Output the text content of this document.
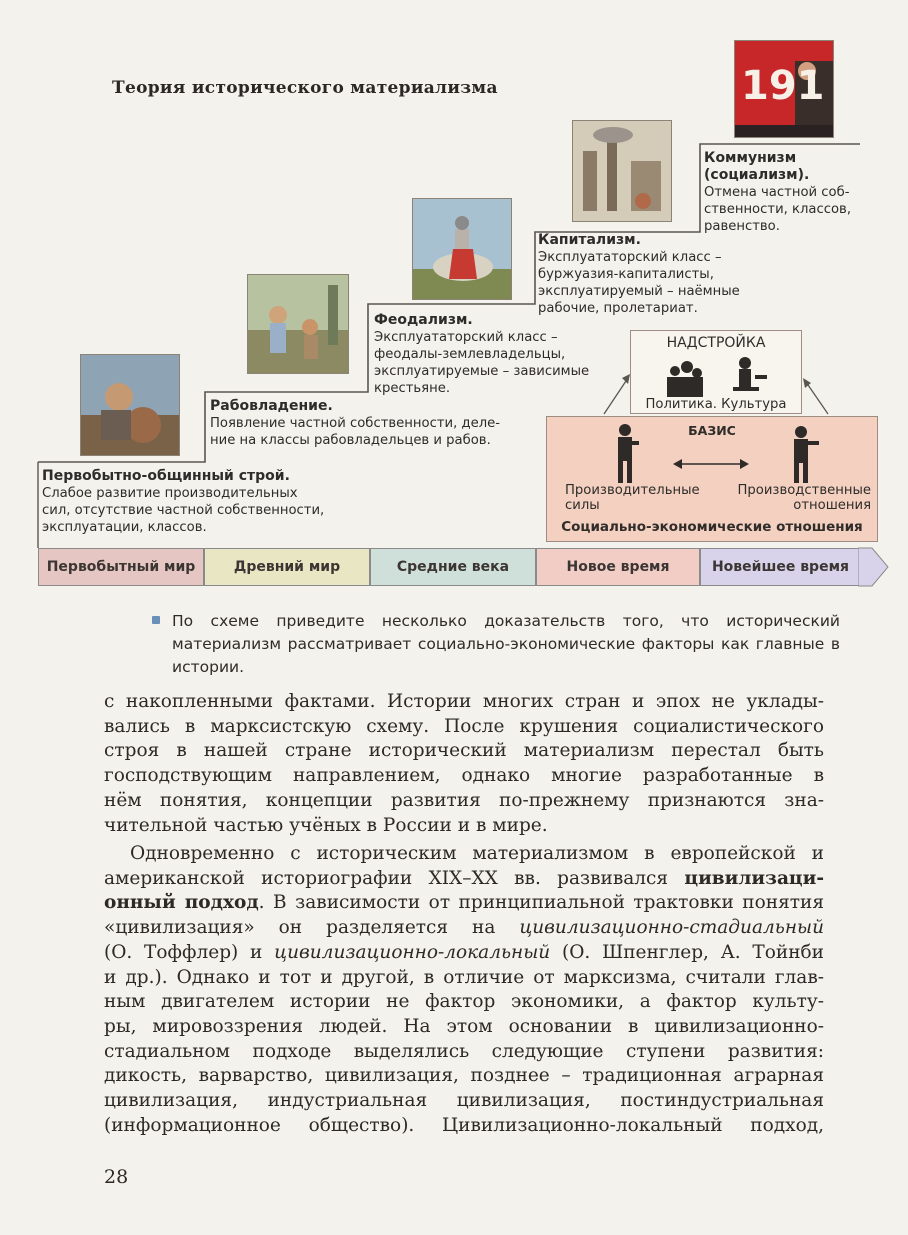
Теория исторического материализма	191
Первобытно-общинный строй.
Слабое развитие производительных
сил, отсутствие частной собственности,
эксплуатации, классов.
Рабовладение.
Появление частной собственности, деле-
ние на классы рабовладельцев и рабов.
Феодализм.
Эксплуататорский класс –
феодалы-землевладельцы,
эксплуатируемые – зависимые
крестьяне.
Капитализм.
Эксплуататорский класс –
буржуазия-капиталисты,
эксплуатируемый – наёмные
рабочие, пролетариат.
Коммунизм
(социализм).
Отмена частной соб-
ственности, классов,
равенство.
НАДСТРОЙКА
Политика. Культура
БАЗИС
Производительные
силы
Производственные
отношения
Социально-экономические отношения
Первобытный мир	Древний мир	Средние века	Новое время	Новейшее время
По схеме приведите несколько доказательств того, что исторический материализм рассматривает социально-экономические факторы как главные в истории.
с накопленными фактами. Истории многих стран и эпох не уклады-
вались в марксистскую схему. После крушения социалистического
строя в нашей стране исторический материализм перестал быть
господствующим направлением, однако многие разработанные в
нём понятия, концепции развития по-прежнему признаются зна-
чительной частью учёных в России и в мире.
Одновременно с историческим материализмом в европейской и
американской историографии XIX–XX вв. развивался цивилизаци-
онный подход. В зависимости от принципиальной трактовки понятия
«цивилизация» он разделяется на цивилизационно-стадиальный
(О. Тоффлер) и цивилизационно-локальный (О. Шпенглер, А. Тойнби
и др.). Однако и тот и другой, в отличие от марксизма, считали глав-
ным двигателем истории не фактор экономики, а фактор культу-
ры, мировоззрения людей. На этом основании в цивилизационно-
стадиальном подходе выделялись следующие ступени развития:
дикость, варварство, цивилизация, позднее – традиционная аграрная
цивилизация, индустриальная цивилизация, постиндустриальная
(информационное общество). Цивилизационно-локальный подход,
28
